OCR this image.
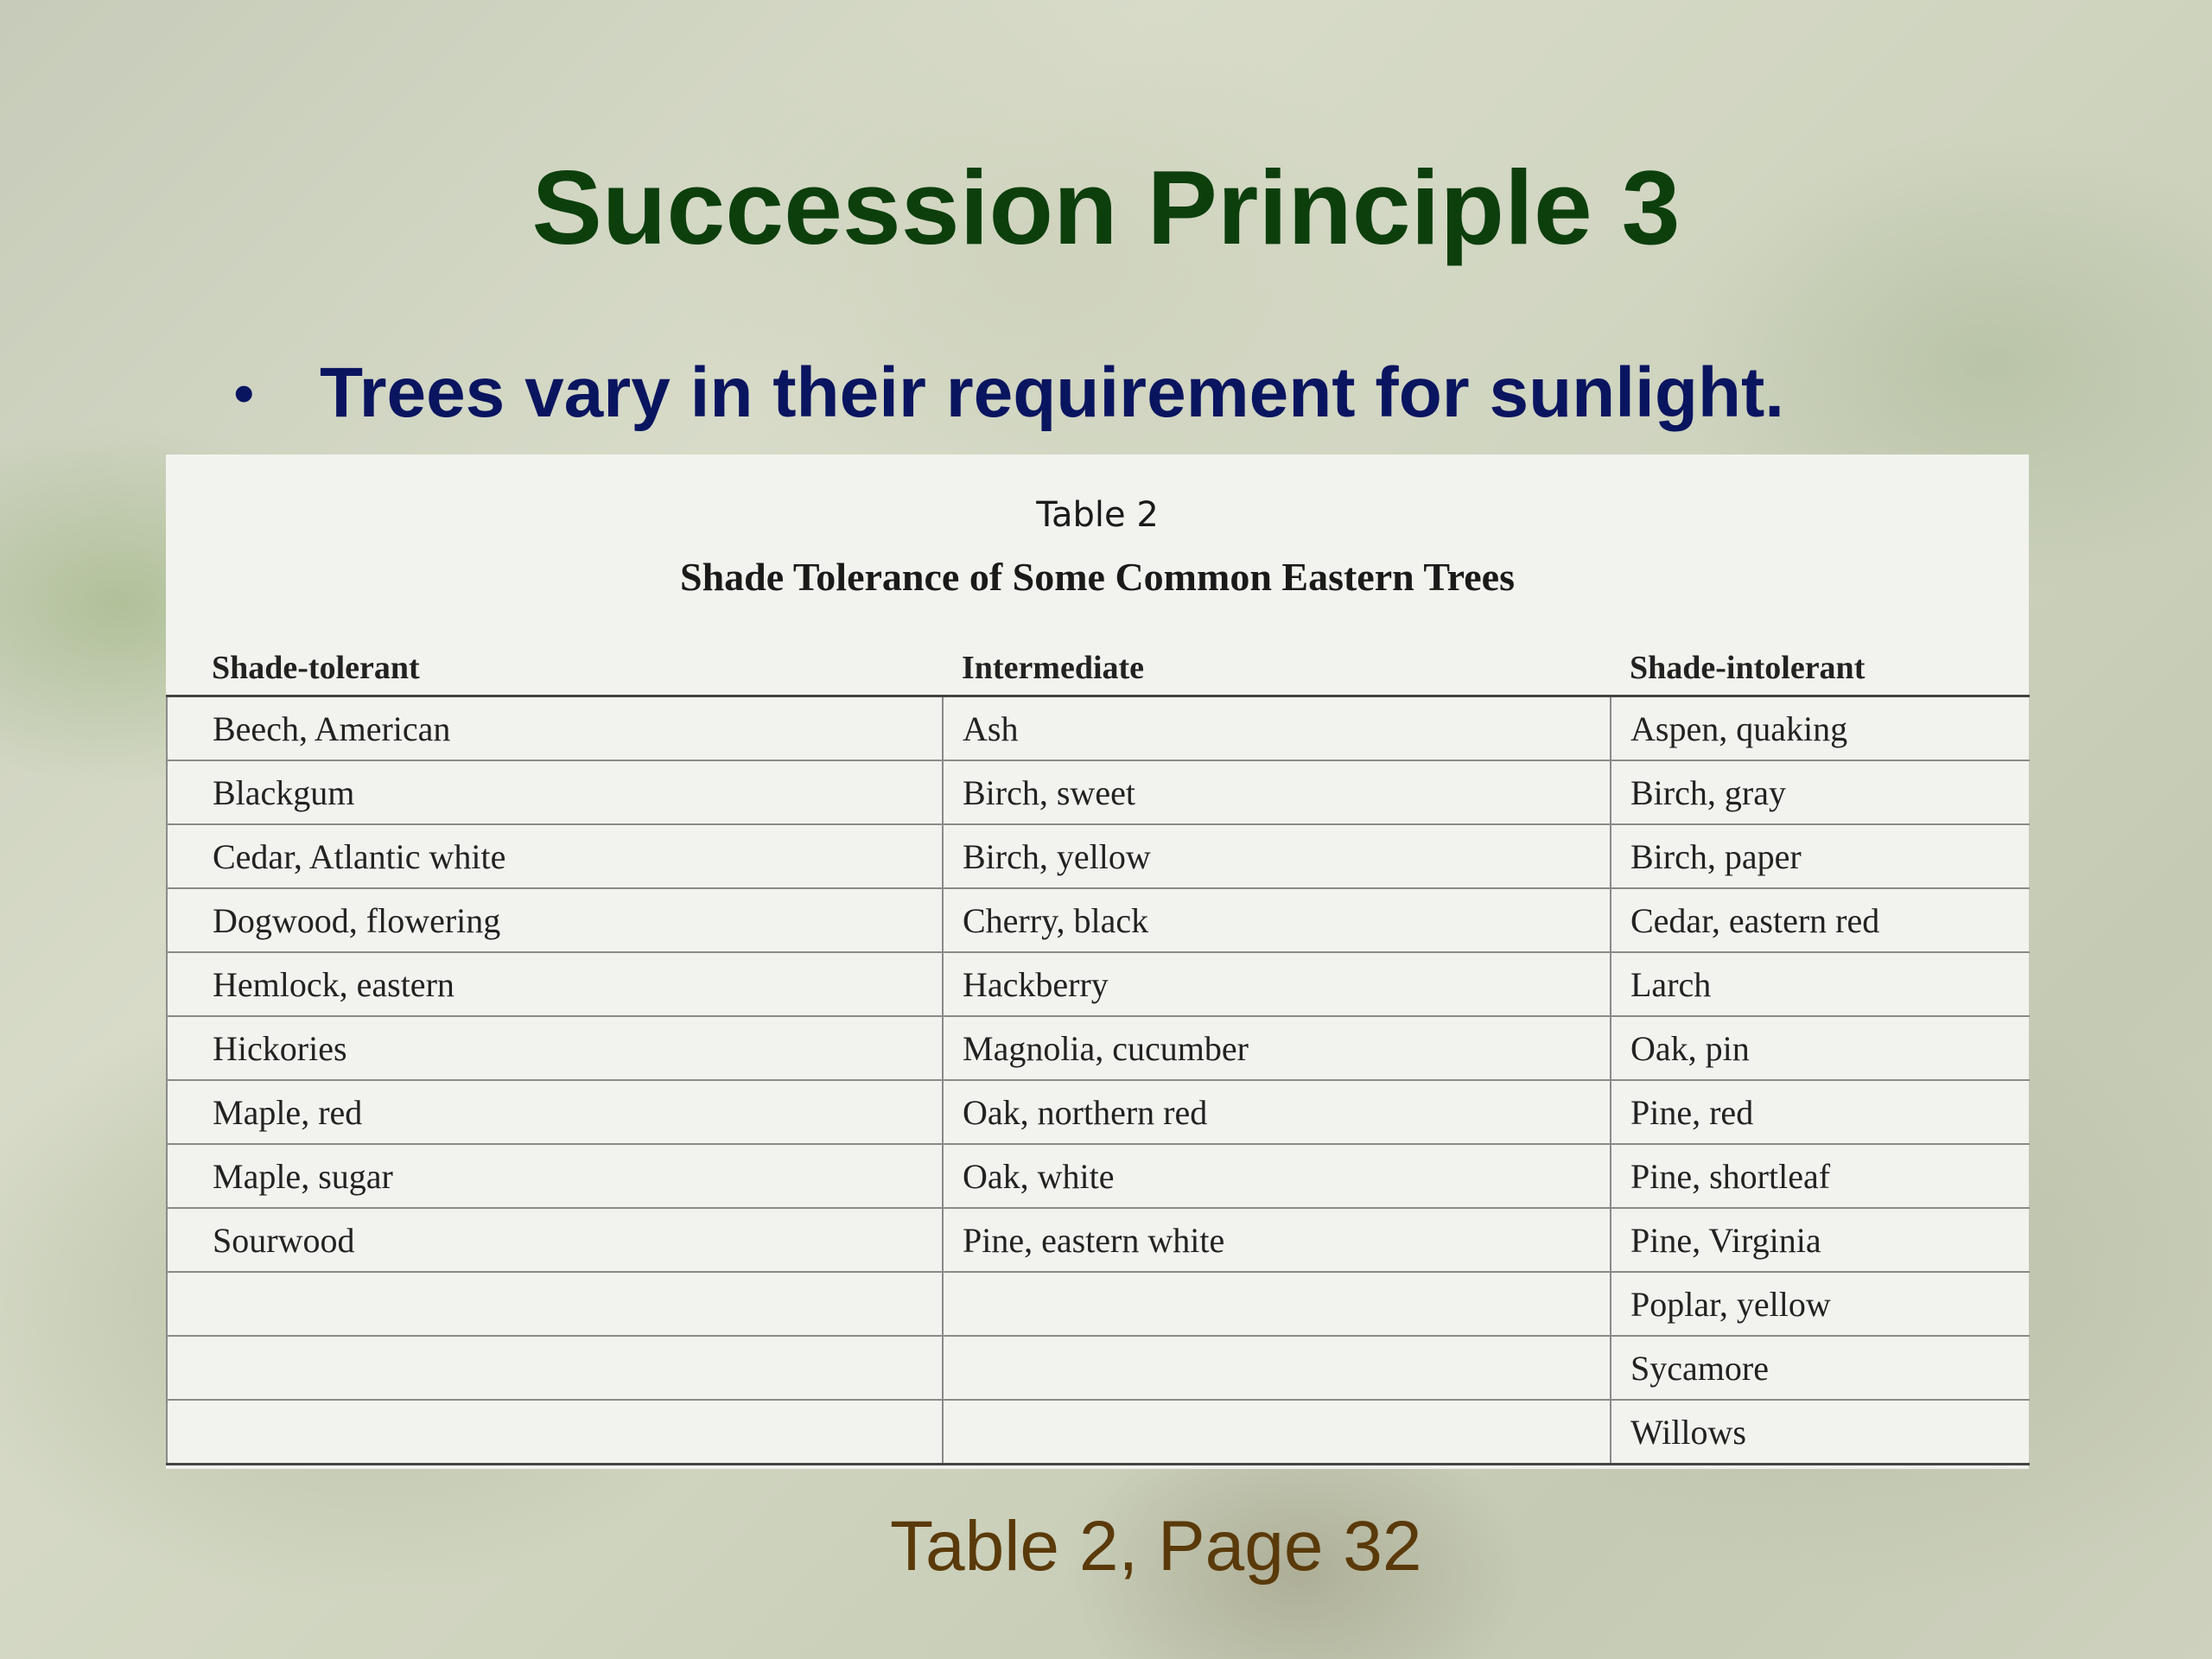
Succession Principle 3
• Trees vary in their requirement for sunlight.
Table 2
Shade Tolerance of Some Common Eastern Trees
Shade-tolerant	Intermediate	Shade-intolerant
Beech, American	Ash	Aspen, quaking
Blackgum	Birch, sweet	Birch, gray
Cedar, Atlantic white	Birch, yellow	Birch, paper
Dogwood, flowering	Cherry, black	Cedar, eastern red
Hemlock, eastern	Hackberry	Larch
Hickories	Magnolia, cucumber	Oak, pin
Maple, red	Oak, northern red	Pine, red
Maple, sugar	Oak, white	Pine, shortleaf
Sourwood	Pine, eastern white	Pine, Virginia
		Poplar, yellow
		Sycamore
		Willows
Table 2, Page 32
